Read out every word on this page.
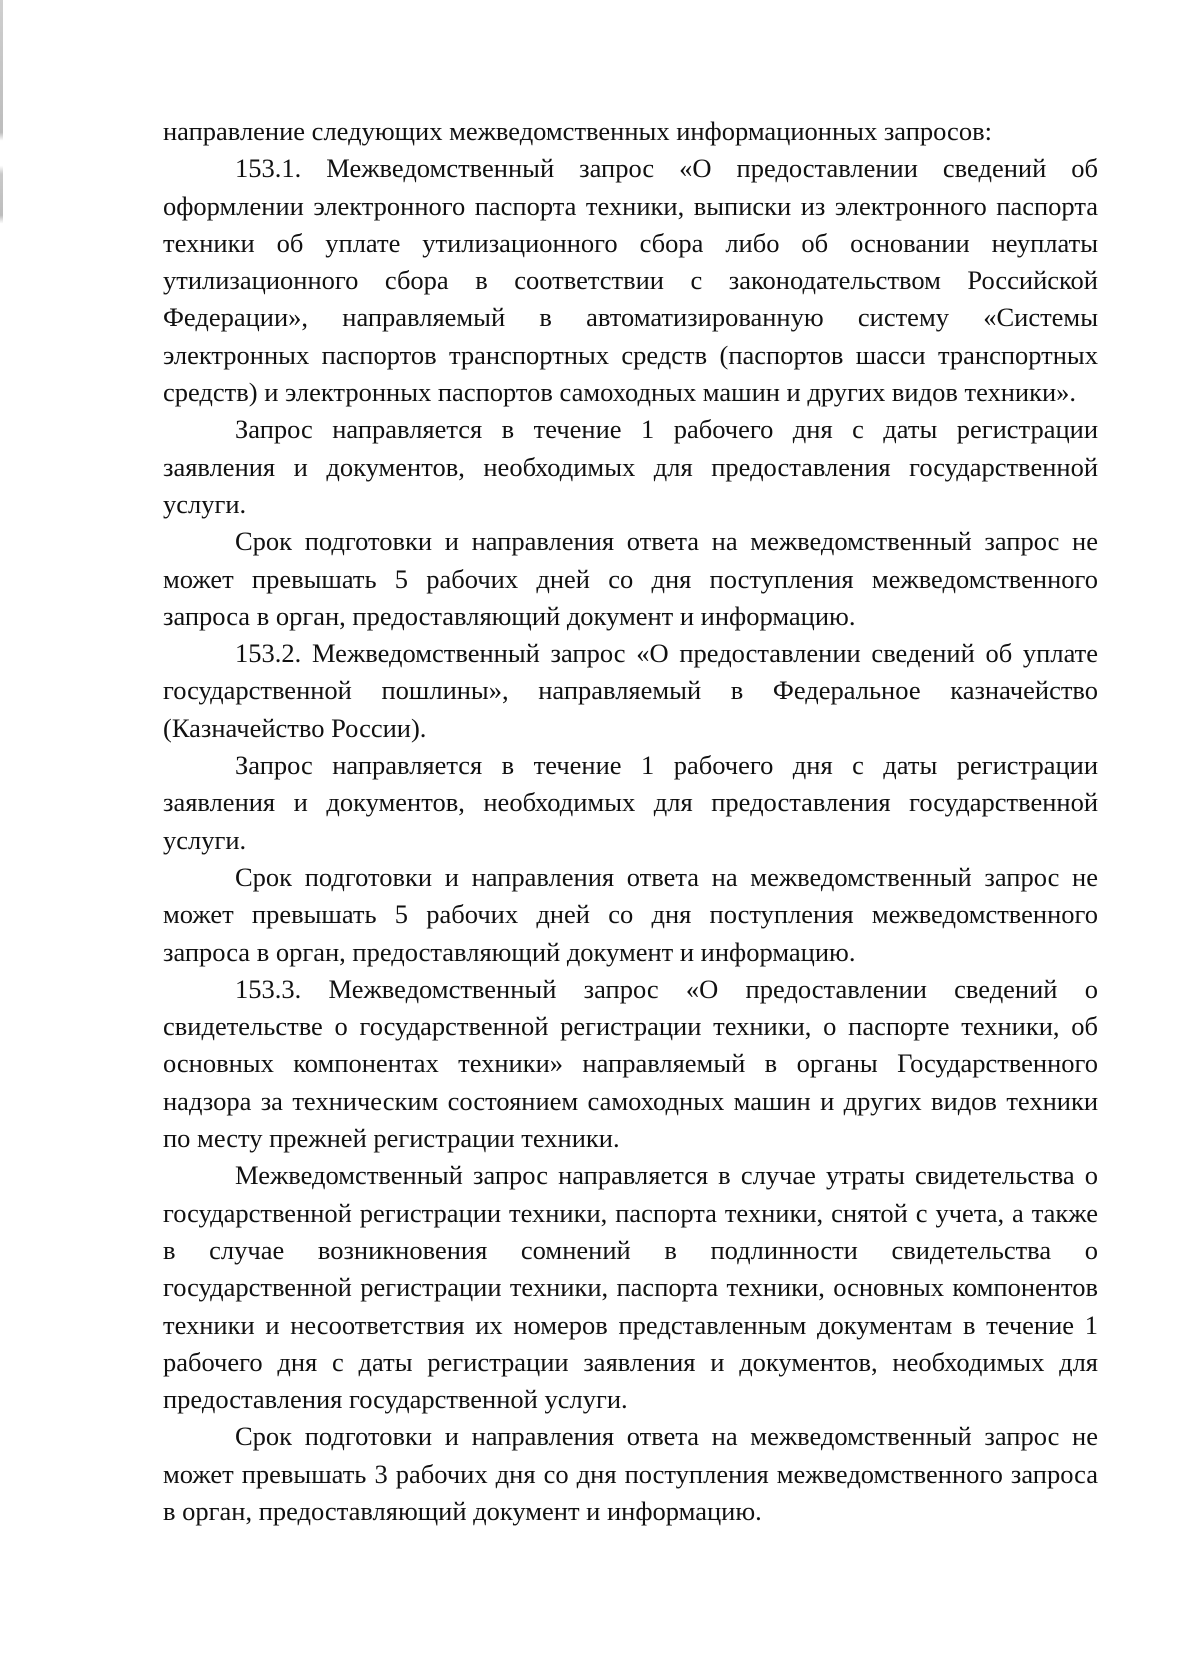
направление следующих межведомственных информационных запросов:

153.1. Межведомственный запрос «О предоставлении сведений об оформлении электронного паспорта техники, выписки из электронного паспорта техники об уплате утилизационного сбора либо об основании неуплаты утилизационного сбора в соответствии с законодательством Российской Федерации», направляемый в автоматизированную систему «Системы электронных паспортов транспортных средств (паспортов шасси транспортных средств) и электронных паспортов самоходных машин и других видов техники».

Запрос направляется в течение 1 рабочего дня с даты регистрации заявления и документов, необходимых для предоставления государственной услуги.

Срок подготовки и направления ответа на межведомственный запрос не может превышать 5 рабочих дней со дня поступления межведомственного запроса в орган, предоставляющий документ и информацию.

153.2. Межведомственный запрос «О предоставлении сведений об уплате государственной пошлины», направляемый в Федеральное казначейство (Казначейство России).

Запрос направляется в течение 1 рабочего дня с даты регистрации заявления и документов, необходимых для предоставления государственной услуги.

Срок подготовки и направления ответа на межведомственный запрос не может превышать 5 рабочих дней со дня поступления межведомственного запроса в орган, предоставляющий документ и информацию.

153.3. Межведомственный запрос «О предоставлении сведений о свидетельстве о государственной регистрации техники, о паспорте техники, об основных компонентах техники» направляемый в органы Государственного надзора за техническим состоянием самоходных машин и других видов техники по месту прежней регистрации техники.

Межведомственный запрос направляется в случае утраты свидетельства о государственной регистрации техники, паспорта техники, снятой с учета, а также в случае возникновения сомнений в подлинности свидетельства о государственной регистрации техники, паспорта техники, основных компонентов техники и несоответствия их номеров представленным документам в течение 1 рабочего дня с даты регистрации заявления и документов, необходимых для предоставления государственной услуги.

Срок подготовки и направления ответа на межведомственный запрос не может превышать 3 рабочих дня со дня поступления межведомственного запроса в орган, предоставляющий документ и информацию.
